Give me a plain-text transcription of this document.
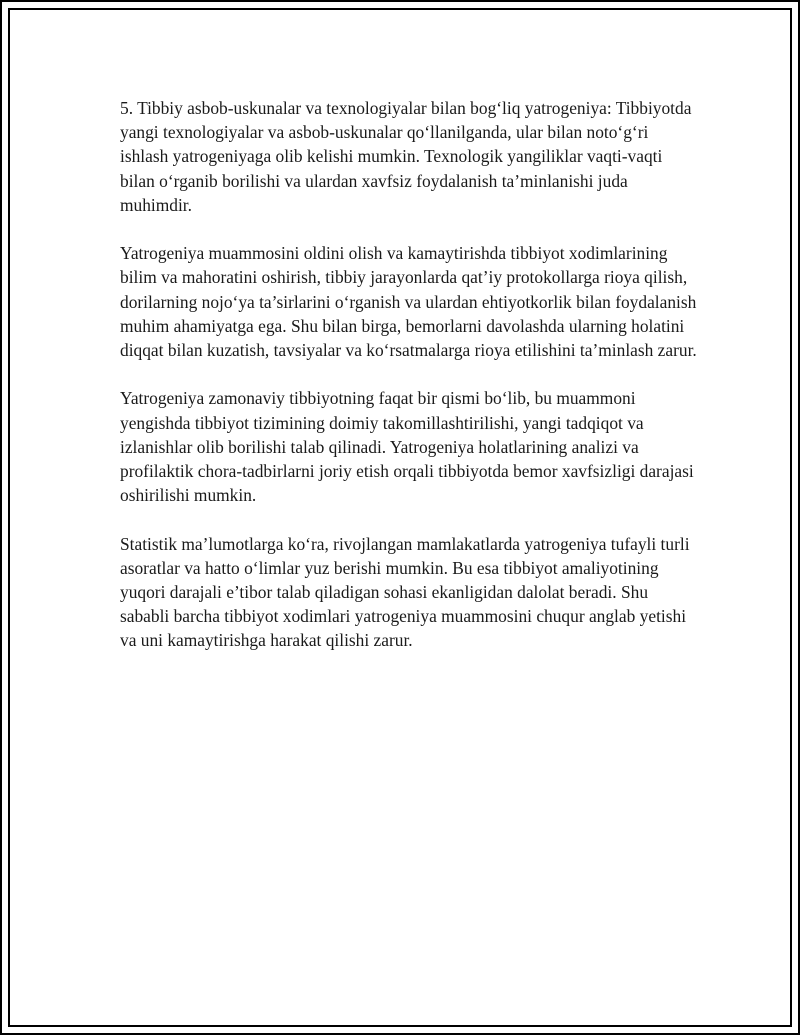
5. Tibbiy asbob-uskunalar va texnologiyalar bilan bog‘liq yatrogeniya: Tibbiyotda yangi texnologiyalar va asbob-uskunalar qo‘llanilganda, ular bilan noto‘g‘ri ishlash yatrogeniyaga olib kelishi mumkin. Texnologik yangiliklar vaqti-vaqti bilan o‘rganib borilishi va ulardan xavfsiz foydalanish ta’minlanishi juda muhimdir.

Yatrogeniya muammosini oldini olish va kamaytirishda tibbiyot xodimlarining bilim va mahoratini oshirish, tibbiy jarayonlarda qat’iy protokollarga rioya qilish, dorilarning nojo‘ya ta’sirlarini o‘rganish va ulardan ehtiyotkorlik bilan foydalanish muhim ahamiyatga ega. Shu bilan birga, bemorlarni davolashda ularning holatini diqqat bilan kuzatish, tavsiyalar va ko‘rsatmalarga rioya etilishini ta’minlash zarur.

Yatrogeniya zamonaviy tibbiyotning faqat bir qismi bo‘lib, bu muammoni yengishda tibbiyot tizimining doimiy takomillashtirilishi, yangi tadqiqot va izlanishlar olib borilishi talab qilinadi. Yatrogeniya holatlarining analizi va profilaktik chora-tadbirlarni joriy etish orqali tibbiyotda bemor xavfsizligi darajasi oshirilishi mumkin.

Statistik ma’lumotlarga ko‘ra, rivojlangan mamlakatlarda yatrogeniya tufayli turli asoratlar va hatto o‘limlar yuz berishi mumkin. Bu esa tibbiyot amaliyotining yuqori darajali e’tibor talab qiladigan sohasi ekanligidan dalolat beradi. Shu sababli barcha tibbiyot xodimlari yatrogeniya muammosini chuqur anglab yetishi va uni kamaytirishga harakat qilishi zarur.
